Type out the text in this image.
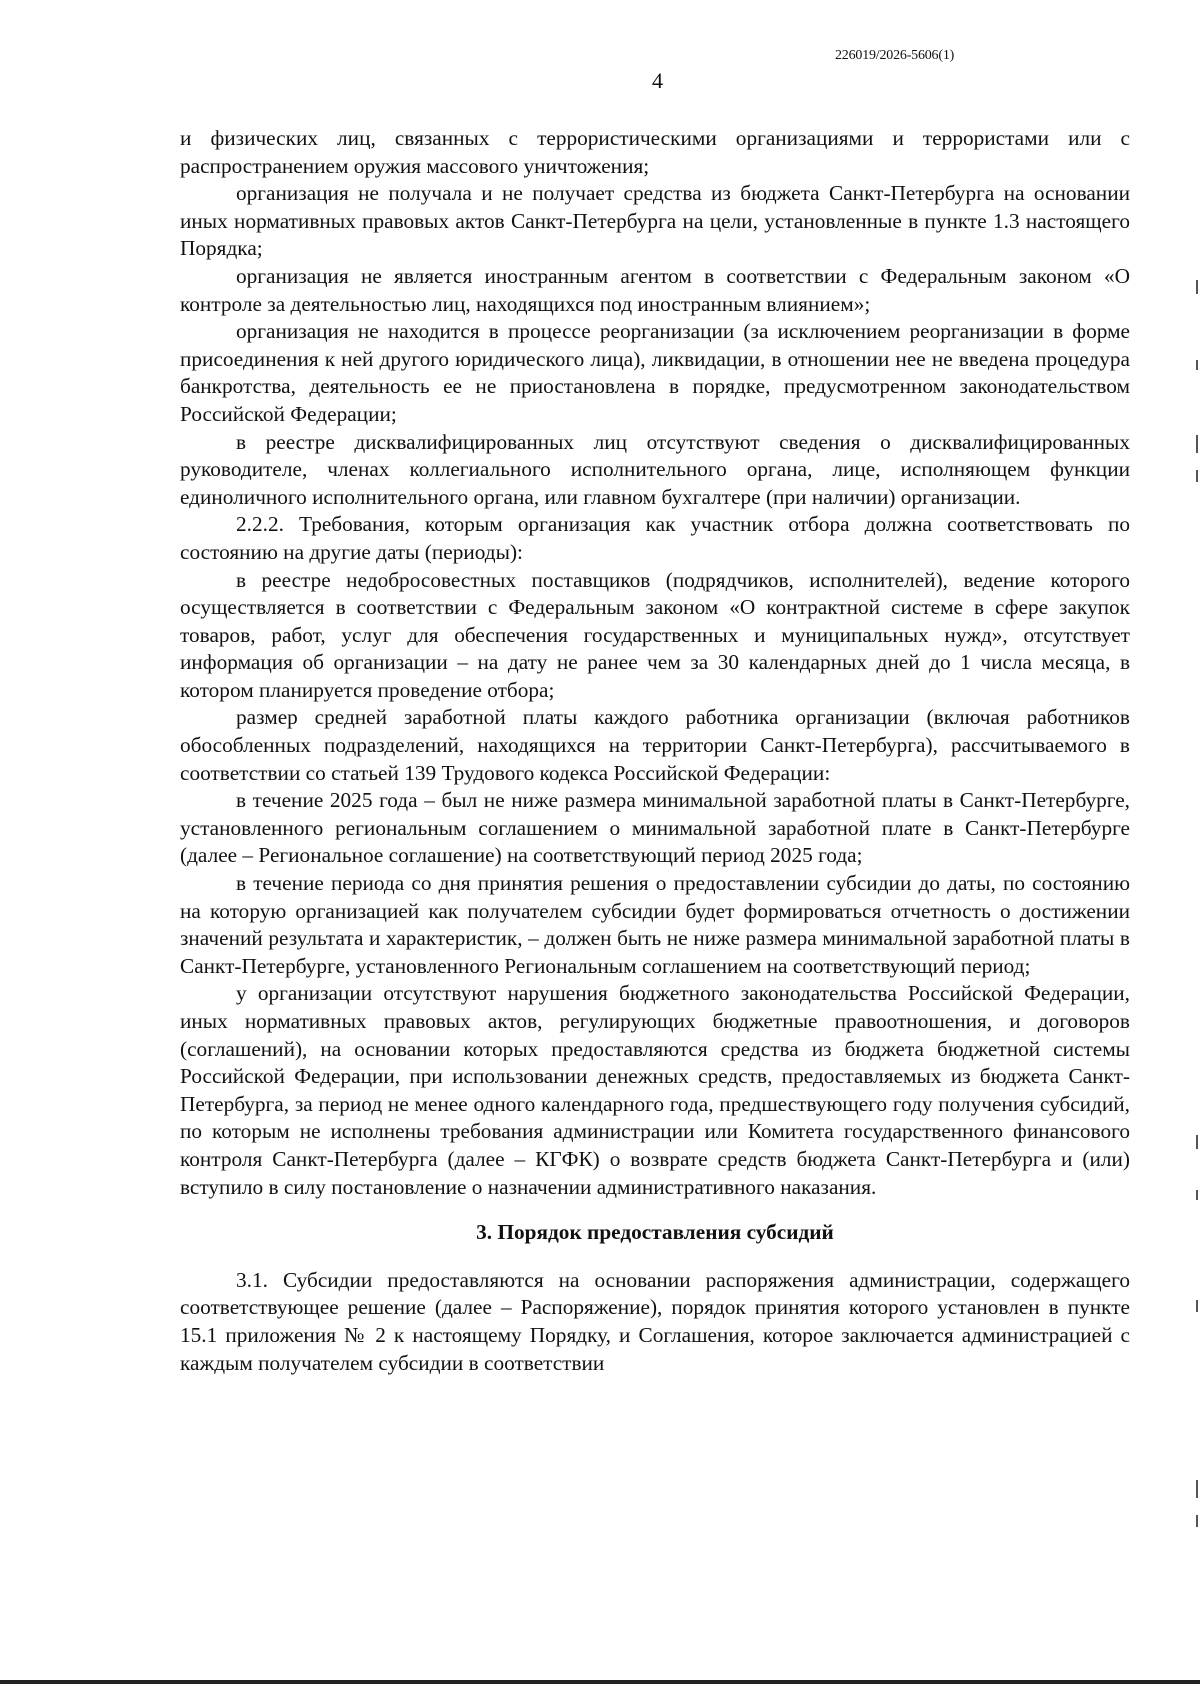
226019/2026-5606(1)
4

и физических лиц, связанных с террористическими организациями и террористами или с распространением оружия массового уничтожения;

организация не получала и не получает средства из бюджета Санкт-Петербурга на основании иных нормативных правовых актов Санкт-Петербурга на цели, установленные в пункте 1.3 настоящего Порядка;

организация не является иностранным агентом в соответствии с Федеральным законом «О контроле за деятельностью лиц, находящихся под иностранным влиянием»;

организация не находится в процессе реорганизации (за исключением реорганизации в форме присоединения к ней другого юридического лица), ликвидации, в отношении нее не введена процедура банкротства, деятельность ее не приостановлена в порядке, предусмотренном законодательством Российской Федерации;

в реестре дисквалифицированных лиц отсутствуют сведения о дисквалифицированных руководителе, членах коллегиального исполнительного органа, лице, исполняющем функции единоличного исполнительного органа, или главном бухгалтере (при наличии) организации.

2.2.2. Требования, которым организация как участник отбора должна соответствовать по состоянию на другие даты (периоды):

в реестре недобросовестных поставщиков (подрядчиков, исполнителей), ведение которого осуществляется в соответствии с Федеральным законом «О контрактной системе в сфере закупок товаров, работ, услуг для обеспечения государственных и муниципальных нужд», отсутствует информация об организации – на дату не ранее чем за 30 календарных дней до 1 числа месяца, в котором планируется проведение отбора;

размер средней заработной платы каждого работника организации (включая работников обособленных подразделений, находящихся на территории Санкт-Петербурга), рассчитываемого в соответствии со статьей 139 Трудового кодекса Российской Федерации:

в течение 2025 года – был не ниже размера минимальной заработной платы в Санкт-Петербурге, установленного региональным соглашением о минимальной заработной плате в Санкт-Петербурге (далее – Региональное соглашение) на соответствующий период 2025 года;

в течение периода со дня принятия решения о предоставлении субсидии до даты, по состоянию на которую организацией как получателем субсидии будет формироваться отчетность о достижении значений результата и характеристик, – должен быть не ниже размера минимальной заработной платы в Санкт-Петербурге, установленного Региональным соглашением на соответствующий период;

у организации отсутствуют нарушения бюджетного законодательства Российской Федерации, иных нормативных правовых актов, регулирующих бюджетные правоотношения, и договоров (соглашений), на основании которых предоставляются средства из бюджета бюджетной системы Российской Федерации, при использовании денежных средств, предоставляемых из бюджета Санкт-Петербурга, за период не менее одного календарного года, предшествующего году получения субсидий, по которым не исполнены требования администрации или Комитета государственного финансового контроля Санкт-Петербурга (далее – КГФК) о возврате средств бюджета Санкт-Петербурга и (или) вступило в силу постановление о назначении административного наказания.

3. Порядок предоставления субсидий

3.1. Субсидии предоставляются на основании распоряжения администрации, содержащего соответствующее решение (далее – Распоряжение), порядок принятия которого установлен в пункте 15.1 приложения № 2 к настоящему Порядку, и Соглашения, которое заключается администрацией с каждым получателем субсидии в соответствии
